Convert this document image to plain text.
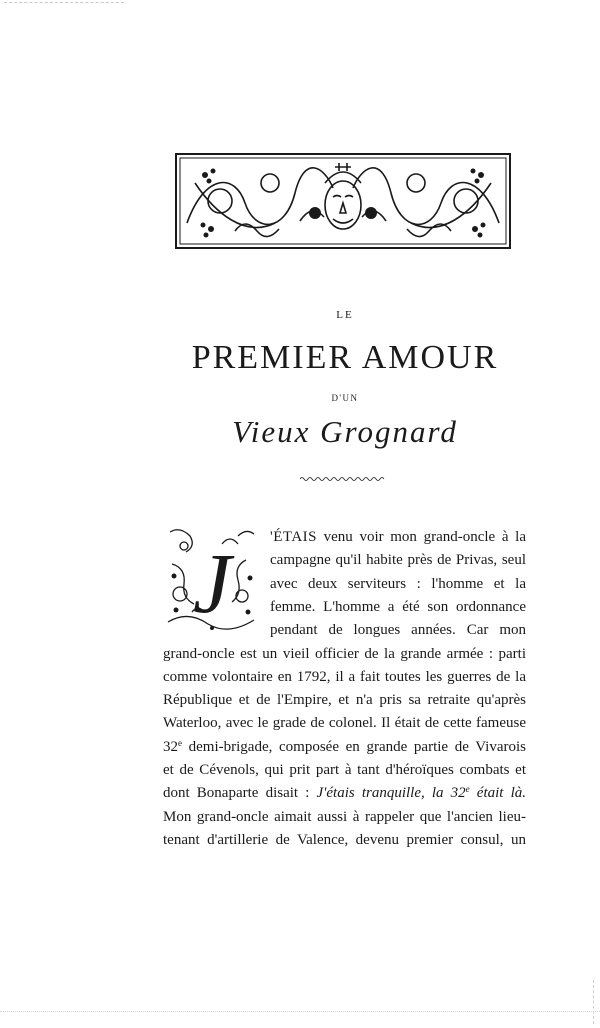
LE
PREMIER AMOUR
D'UN
Vieux Grognard
J	'ÉTAIS venu voir mon grand-oncle à la
campagne qu'il habite près de Privas, seul
avec deux serviteurs : l'homme et la
femme. L'homme a été son ordonnance
pendant de longues années. Car mon
grand-oncle est un vieil officier de la grande armée : parti
comme volontaire en 1792, il a fait toutes les guerres de la
République et de l'Empire, et n'a pris sa retraite qu'après
Waterloo, avec le grade de colonel. Il était de cette fameuse
32e demi-brigade, composée en grande partie de Vivarois
et de Cévenols, qui prit part à tant d'héroïques combats et
dont Bonaparte disait : J'étais tranquille, la 32e était là.
Mon grand-oncle aimait aussi à rappeler que l'ancien lieu-
tenant d'artillerie de Valence, devenu premier consul, un
